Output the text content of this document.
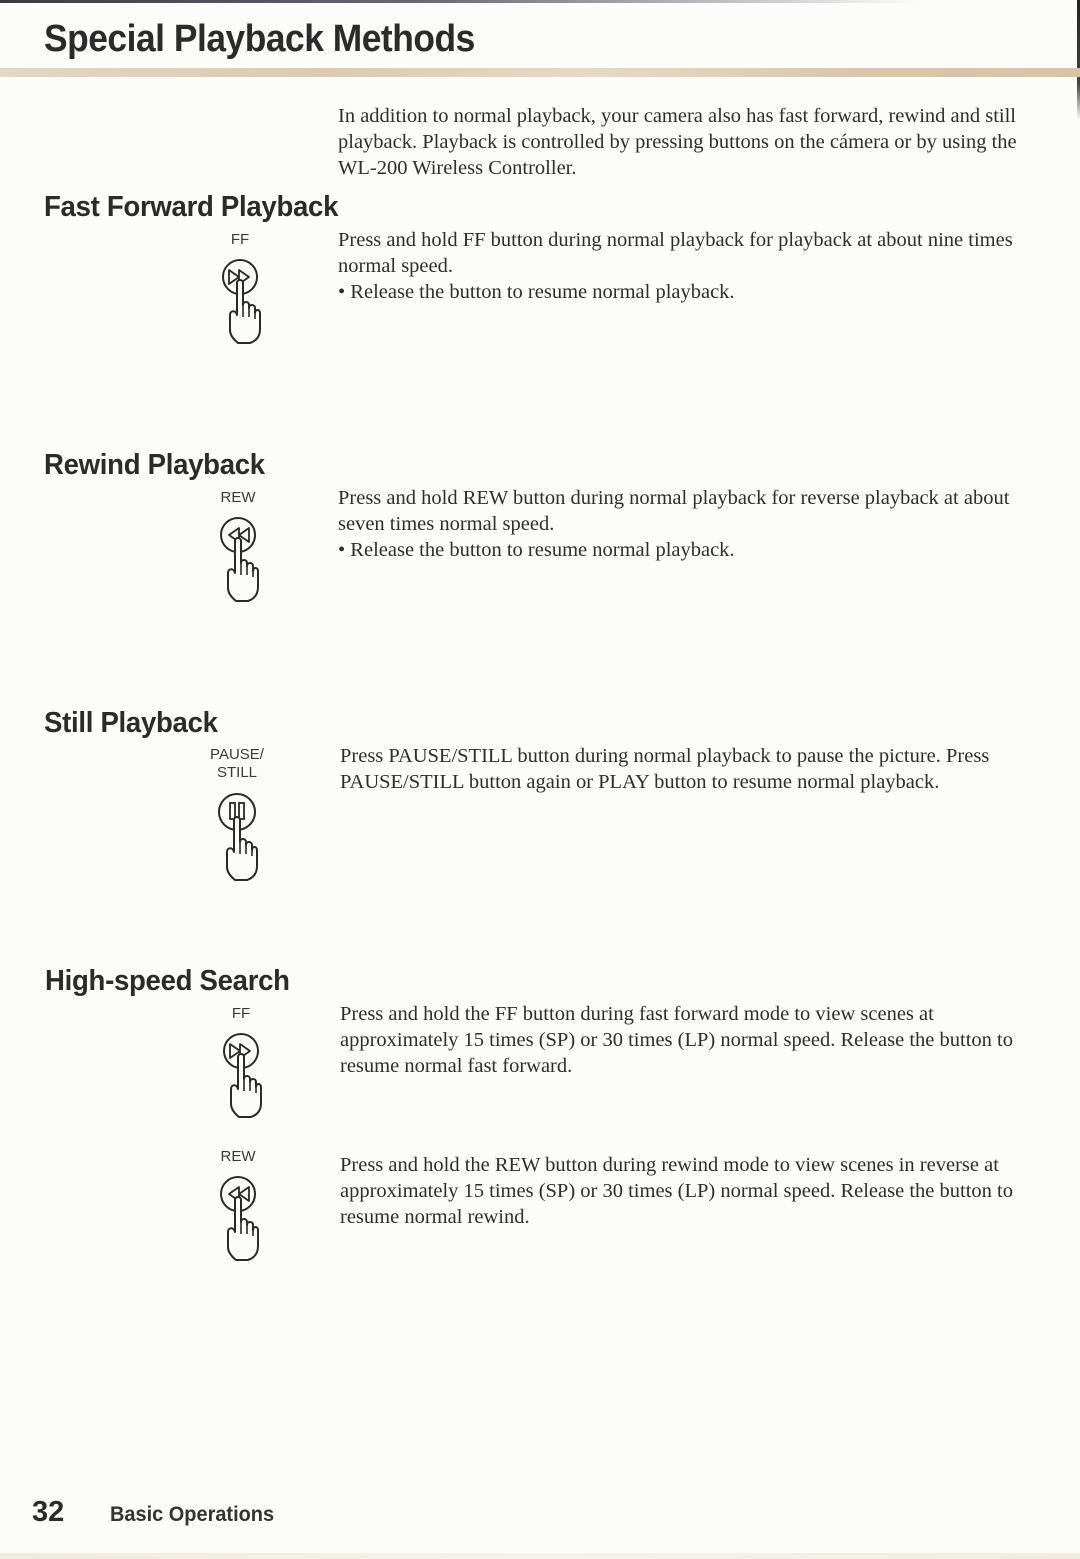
Special Playback Methods

In addition to normal playback, your camera also has fast forward, rewind and still playback. Playback is controlled by pressing buttons on the cámera or by using the WL-200 Wireless Controller.

Fast Forward Playback
FF	Press and hold FF button during normal playback for playback at about nine times normal speed.

• Release the button to resume normal playback.

Rewind Playback
REW	Press and hold REW button during normal playback for reverse playback at about seven times normal speed.

• Release the button to resume normal playback.

Still Playback
PAUSE/
STILL

Press PAUSE/STILL button during normal playback to pause the picture. Press PAUSE/STILL button again or PLAY button to resume normal playback.

High-speed Search
FF	Press and hold the FF button during fast forward mode to view scenes at approximately 15 times (SP) or 30 times (LP) normal speed. Release the button to resume normal fast forward.

REW	Press and hold the REW button during rewind mode to view scenes in reverse at approximately 15 times (SP) or 30 times (LP) normal speed. Release the button to resume normal rewind.

32 Basic Operations
